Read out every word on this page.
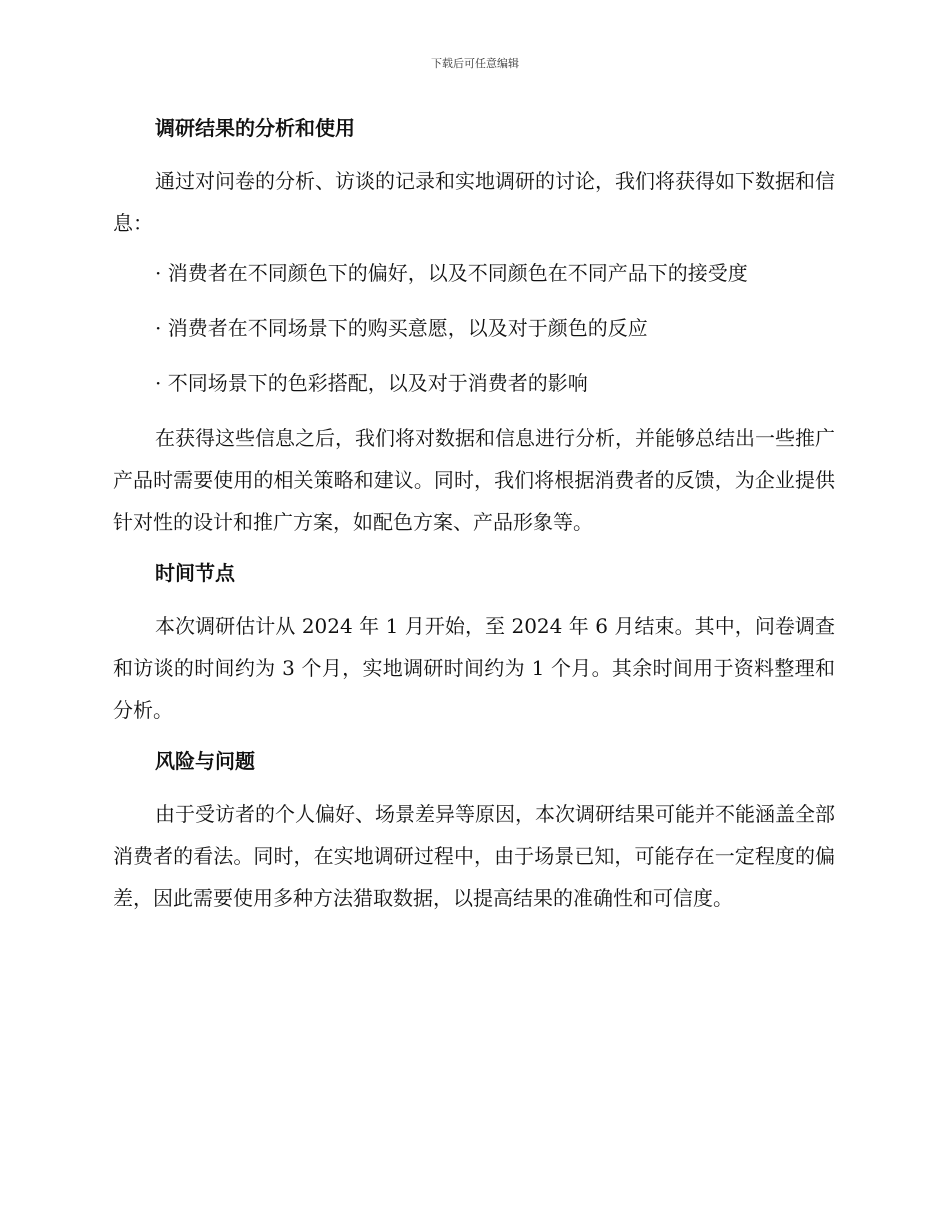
下载后可任意编辑
调研结果的分析和使用

通过对问卷的分析、访谈的记录和实地调研的讨论，我们将获得如下数据和信息：

· 消费者在不同颜色下的偏好，以及不同颜色在不同产品下的接受度

· 消费者在不同场景下的购买意愿，以及对于颜色的反应

· 不同场景下的色彩搭配，以及对于消费者的影响

在获得这些信息之后，我们将对数据和信息进行分析，并能够总结出一些推广产品时需要使用的相关策略和建议。同时，我们将根据消费者的反馈，为企业提供针对性的设计和推广方案，如配色方案、产品形象等。

时间节点

本次调研估计从 2024 年 1 月开始，至 2024 年 6 月结束。其中，问卷调查和访谈的时间约为 3 个月，实地调研时间约为 1 个月。其余时间用于资料整理和分析。

风险与问题

由于受访者的个人偏好、场景差异等原因，本次调研结果可能并不能涵盖全部消费者的看法。同时，在实地调研过程中，由于场景已知，可能存在一定程度的偏差，因此需要使用多种方法猎取数据，以提高结果的准确性和可信度。
